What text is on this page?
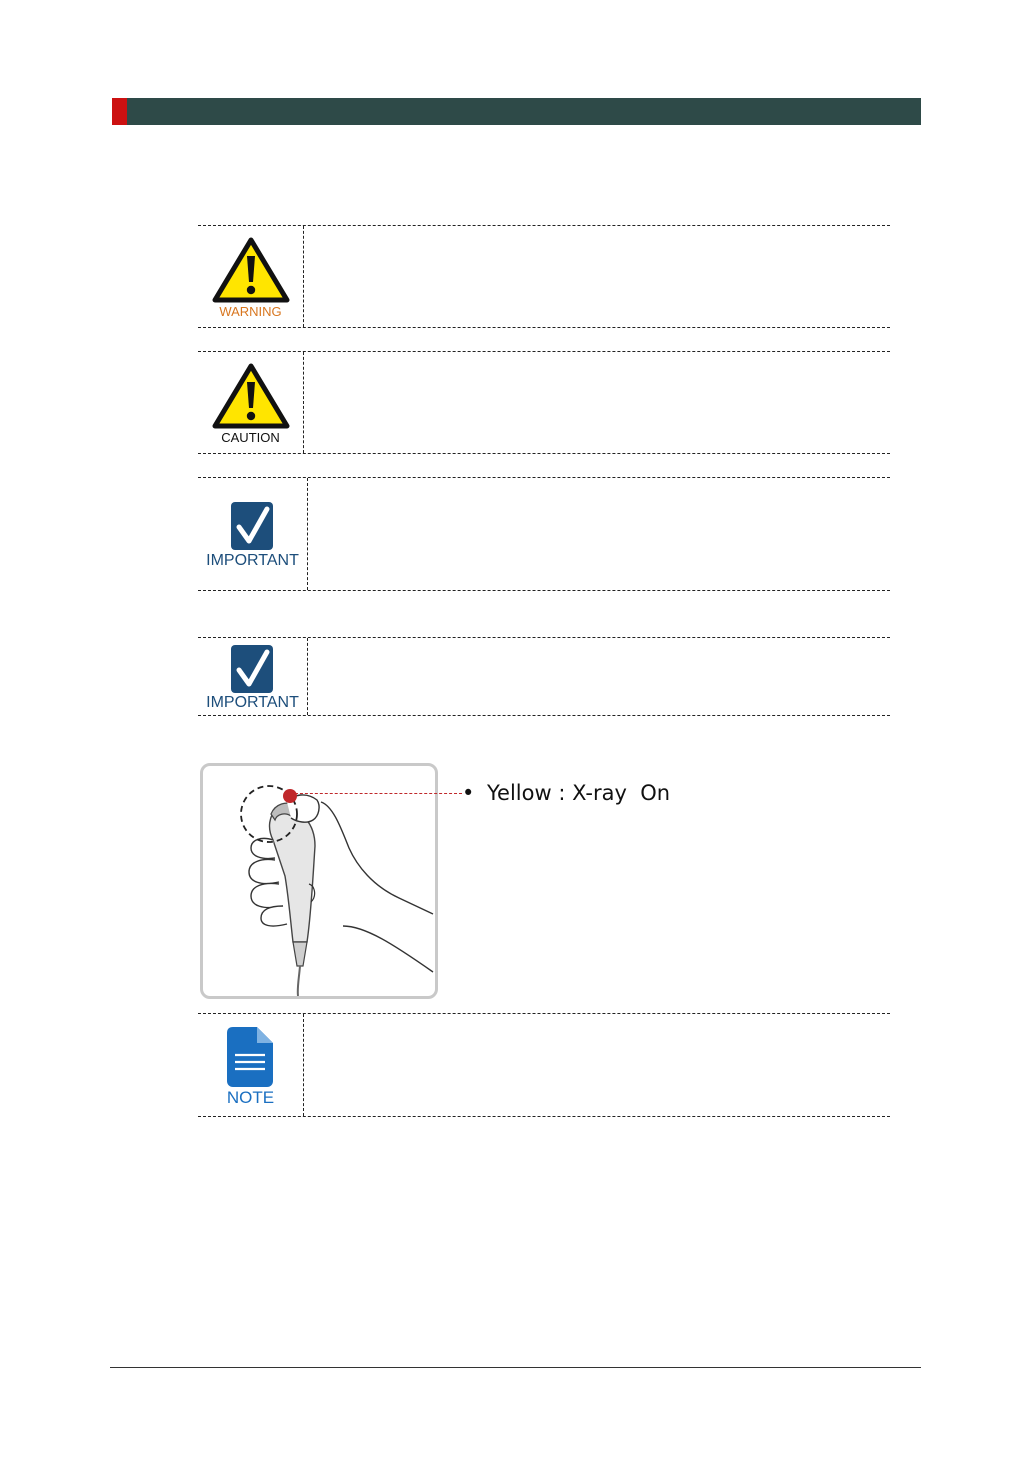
WARNING
CAUTION
IMPORTANT
IMPORTANT
• Yellow : X-ray  On
NOTE
